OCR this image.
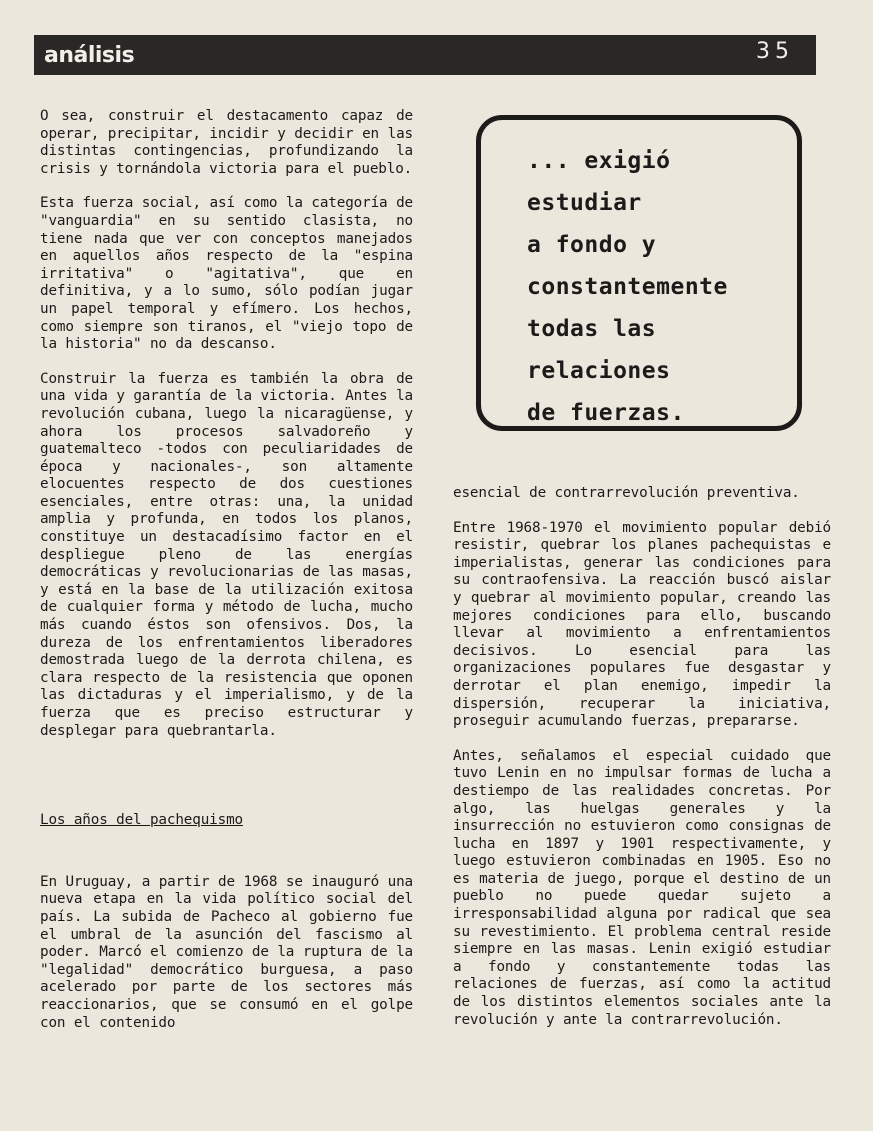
análisis	35

O sea, construir el destacamento capaz de operar, precipitar, incidir y decidir en las distintas contingencias, profundizando la crisis y tornándola victoria para el pueblo.

Esta fuerza social, así como la categoría de "vanguardia" en su sentido clasista, no tiene nada que ver con conceptos manejados en aquellos años respecto de la "espina irritativa" o "agitativa", que en definitiva, y a lo sumo, sólo podían jugar un papel temporal y efímero. Los hechos, como siempre son tiranos, el "viejo topo de la historia" no da descanso.

Construir la fuerza es también la obra de una vida y garantía de la victoria. Antes la revolución cubana, luego la nicaragüense, y ahora los procesos salvadoreño y guatemalteco -todos con peculiaridades de época y nacionales-, son altamente elocuentes respecto de dos cuestiones esenciales, entre otras: una, la unidad amplia y profunda, en todos los planos, constituye un destacadísimo factor en el despliegue pleno de las energías democráticas y revolucionarias de las masas, y está en la base de la utilización exitosa de cualquier forma y método de lucha, mucho más cuando éstos son ofensivos. Dos, la dureza de los enfrentamientos liberadores demostrada luego de la derrota chilena, es clara respecto de la resistencia que oponen las dictaduras y el imperialismo, y de la fuerza que es preciso estructurar y desplegar para quebrantarla.

Los años del pachequismo

En Uruguay, a partir de 1968 se inauguró una nueva etapa en la vida político social del país. La subida de Pacheco al gobierno fue el umbral de la asunción del fascismo al poder. Marcó el comienzo de la ruptura de la "legalidad" democrático burguesa, a paso acelerado por parte de los sectores más reaccionarios, que se consumó en el golpe con el contenido

... exigió
estudiar
a fondo y
constantemente
todas las
relaciones
de fuerzas.

esencial de contrarrevolución preventiva.

Entre 1968-1970 el movimiento popular debió resistir, quebrar los planes pachequistas e imperialistas, generar las condiciones para su contraofensiva. La reacción buscó aislar y quebrar al movimiento popular, creando las mejores condiciones para ello, buscando llevar al movimiento a enfrentamientos decisivos. Lo esencial para las organizaciones populares fue desgastar y derrotar el plan enemigo, impedir la dispersión, recuperar la iniciativa, proseguir acumulando fuerzas, prepararse.

Antes, señalamos el especial cuidado que tuvo Lenin en no impulsar formas de lucha a destiempo de las realidades concretas. Por algo, las huelgas generales y la insurrección no estuvieron como consignas de lucha en 1897 y 1901 respectivamente, y luego estuvieron combinadas en 1905. Eso no es materia de juego, porque el destino de un pueblo no puede quedar sujeto a irresponsabilidad alguna por radical que sea su revestimiento. El problema central reside siempre en las masas. Lenin exigió estudiar a fondo y constantemente todas las relaciones de fuerzas, así como la actitud de los distintos elementos sociales ante la revolución y ante la contrarrevolución.
